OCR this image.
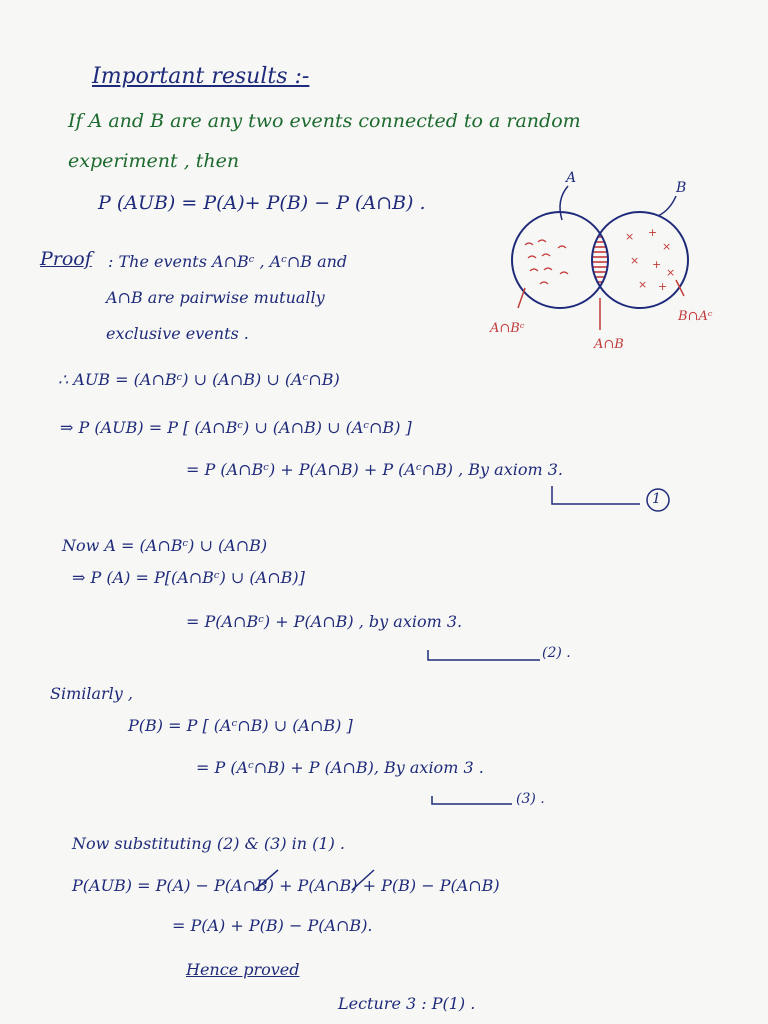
Important results :-
If A and B are any two events connected to a random
experiment , then
P (AUB) = P(A)+ P(B) − P (A∩B) .
× +
×
× +
×
× +
A
B
A∩Bᶜ
A∩B
B∩Aᶜ
Proof : The events A∩Bᶜ , Aᶜ∩B and
A∩B are pairwise mutually
exclusive events .
∴ AUB = (A∩Bᶜ) ∪ (A∩B) ∪ (Aᶜ∩B)
⇒ P (AUB) = P [ (A∩Bᶜ) ∪ (A∩B) ∪ (Aᶜ∩B) ]
= P (A∩Bᶜ) + P(A∩B) + P (Aᶜ∩B) , By axiom 3.
1
Now A = (A∩Bᶜ) ∪ (A∩B)
⇒ P (A) = P[(A∩Bᶜ) ∪ (A∩B)]
= P(A∩Bᶜ) + P(A∩B) , by axiom 3.
(2) .
Similarly ,
P(B) = P [ (Aᶜ∩B) ∪ (A∩B) ]
= P (Aᶜ∩B) + P (A∩B), By axiom 3 .
(3) .
Now substituting (2) & (3) in (1) .
P(AUB) = P(A) − P(A∩B) + P(A∩B) + P(B) − P(A∩B)
= P(A) + P(B) − P(A∩B).
Hence proved
Lecture 3 : P(1) .
